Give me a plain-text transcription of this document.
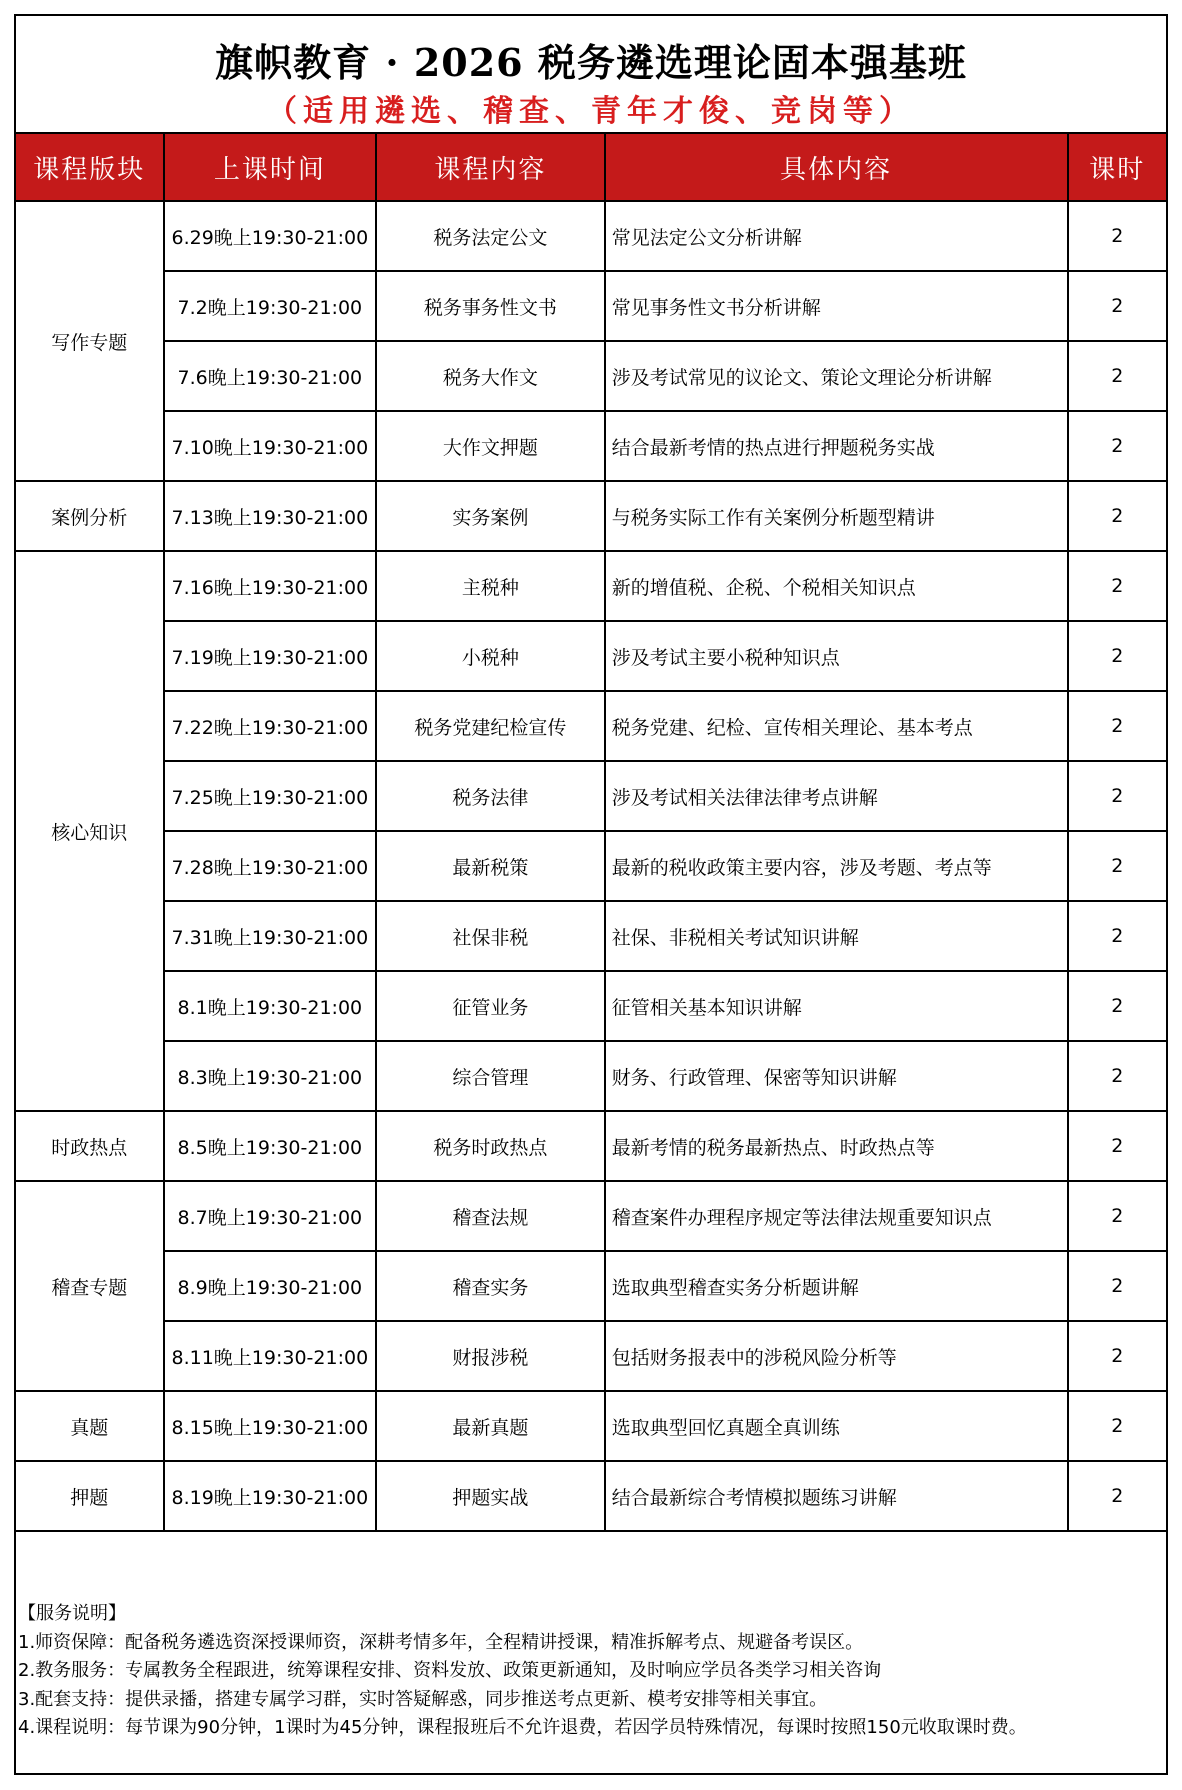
旗帜教育 · 2026 税务遴选理论固本强基班
（适用遴选、稽查、青年才俊、竞岗等）
课程版块	上课时间	课程内容	具体内容	课时
写作专题	6.29晚上19:30-21:00	税务法定公文	常见法定公文分析讲解	2
	7.2晚上19:30-21:00	税务事务性文书	常见事务性文书分析讲解	2
	7.6晚上19:30-21:00	税务大作文	涉及考试常见的议论文、策论文理论分析讲解	2
	7.10晚上19:30-21:00	大作文押题	结合最新考情的热点进行押题税务实战	2
案例分析	7.13晚上19:30-21:00	实务案例	与税务实际工作有关案例分析题型精讲	2
核心知识	7.16晚上19:30-21:00	主税种	新的增值税、企税、个税相关知识点	2
	7.19晚上19:30-21:00	小税种	涉及考试主要小税种知识点	2
	7.22晚上19:30-21:00	税务党建纪检宣传	税务党建、纪检、宣传相关理论、基本考点	2
	7.25晚上19:30-21:00	税务法律	涉及考试相关法律法律考点讲解	2
	7.28晚上19:30-21:00	最新税策	最新的税收政策主要内容，涉及考题、考点等	2
	7.31晚上19:30-21:00	社保非税	社保、非税相关考试知识讲解	2
	8.1晚上19:30-21:00	征管业务	征管相关基本知识讲解	2
	8.3晚上19:30-21:00	综合管理	财务、行政管理、保密等知识讲解	2
时政热点	8.5晚上19:30-21:00	税务时政热点	最新考情的税务最新热点、时政热点等	2
稽查专题	8.7晚上19:30-21:00	稽查法规	稽查案件办理程序规定等法律法规重要知识点	2
	8.9晚上19:30-21:00	稽查实务	选取典型稽查实务分析题讲解	2
	8.11晚上19:30-21:00	财报涉税	包括财务报表中的涉税风险分析等	2
真题	8.15晚上19:30-21:00	最新真题	选取典型回忆真题全真训练	2
押题	8.19晚上19:30-21:00	押题实战	结合最新综合考情模拟题练习讲解	2
【服务说明】
1.师资保障：配备税务遴选资深授课师资，深耕考情多年，全程精讲授课，精准拆解考点、规避备考误区。
2.教务服务：专属教务全程跟进，统筹课程安排、资料发放、政策更新通知，及时响应学员各类学习相关咨询
3.配套支持：提供录播，搭建专属学习群，实时答疑解惑，同步推送考点更新、模考安排等相关事宜。
4.课程说明：每节课为90分钟，1课时为45分钟，课程报班后不允许退费，若因学员特殊情况，每课时按照150元收取课时费。
